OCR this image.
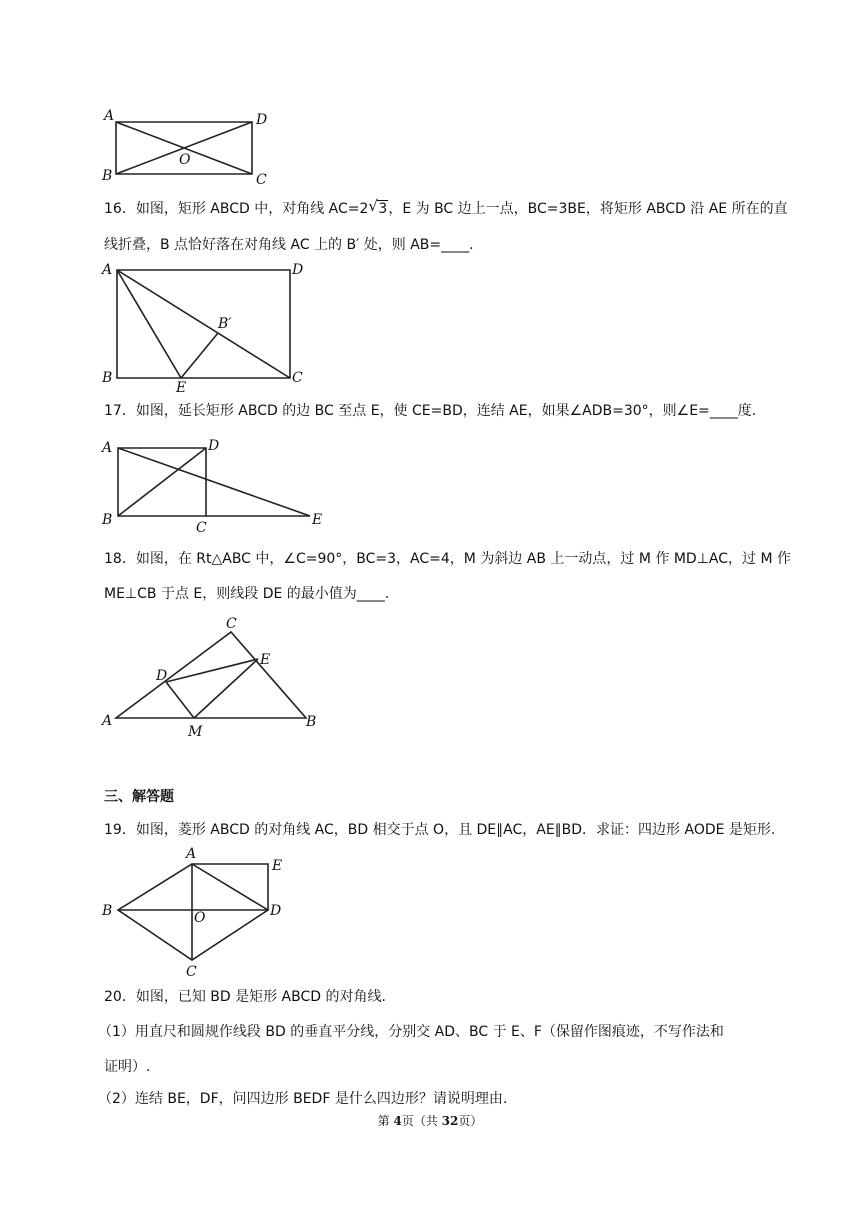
A	D
O
B	C
16．如图，矩形 ABCD 中，对角线 AC=2 √ 3，E 为 BC 边上一点，BC=3BE，将矩形 ABCD 沿 AE 所在的直
线折叠，B 点恰好落在对角线 AC 上的 B′ 处，则 AB=____.
A	D
B′
B
E
C
17．如图，延长矩形 ABCD 的边 BC 至点 E，使 CE=BD，连结 AE，如果∠ADB=30°，则∠E=____度.
A	D
B	C	E
18．如图，在 Rt△ABC 中，∠C=90°，BC=3，AC=4，M 为斜边 AB 上一动点，过 M 作 MD⊥AC，过 M 作
ME⊥CB 于点 E，则线段 DE 的最小值为____.
C
E
D
A
M
B
三、解答题
19．如图，菱形 ABCD 的对角线 AC，BD 相交于点 O，且 DE∥AC，AE∥BD．求证：四边形 AODE 是矩形.
A
E
B	O	D
C
20．如图，已知 BD 是矩形 ABCD 的对角线.
（1）用直尺和圆规作线段 BD 的垂直平分线，分别交 AD、BC 于 E、F（保留作图痕迹，不写作法和
证明）.
（2）连结 BE，DF，问四边形 BEDF 是什么四边形？请说明理由.
第 4页（共 32页）
